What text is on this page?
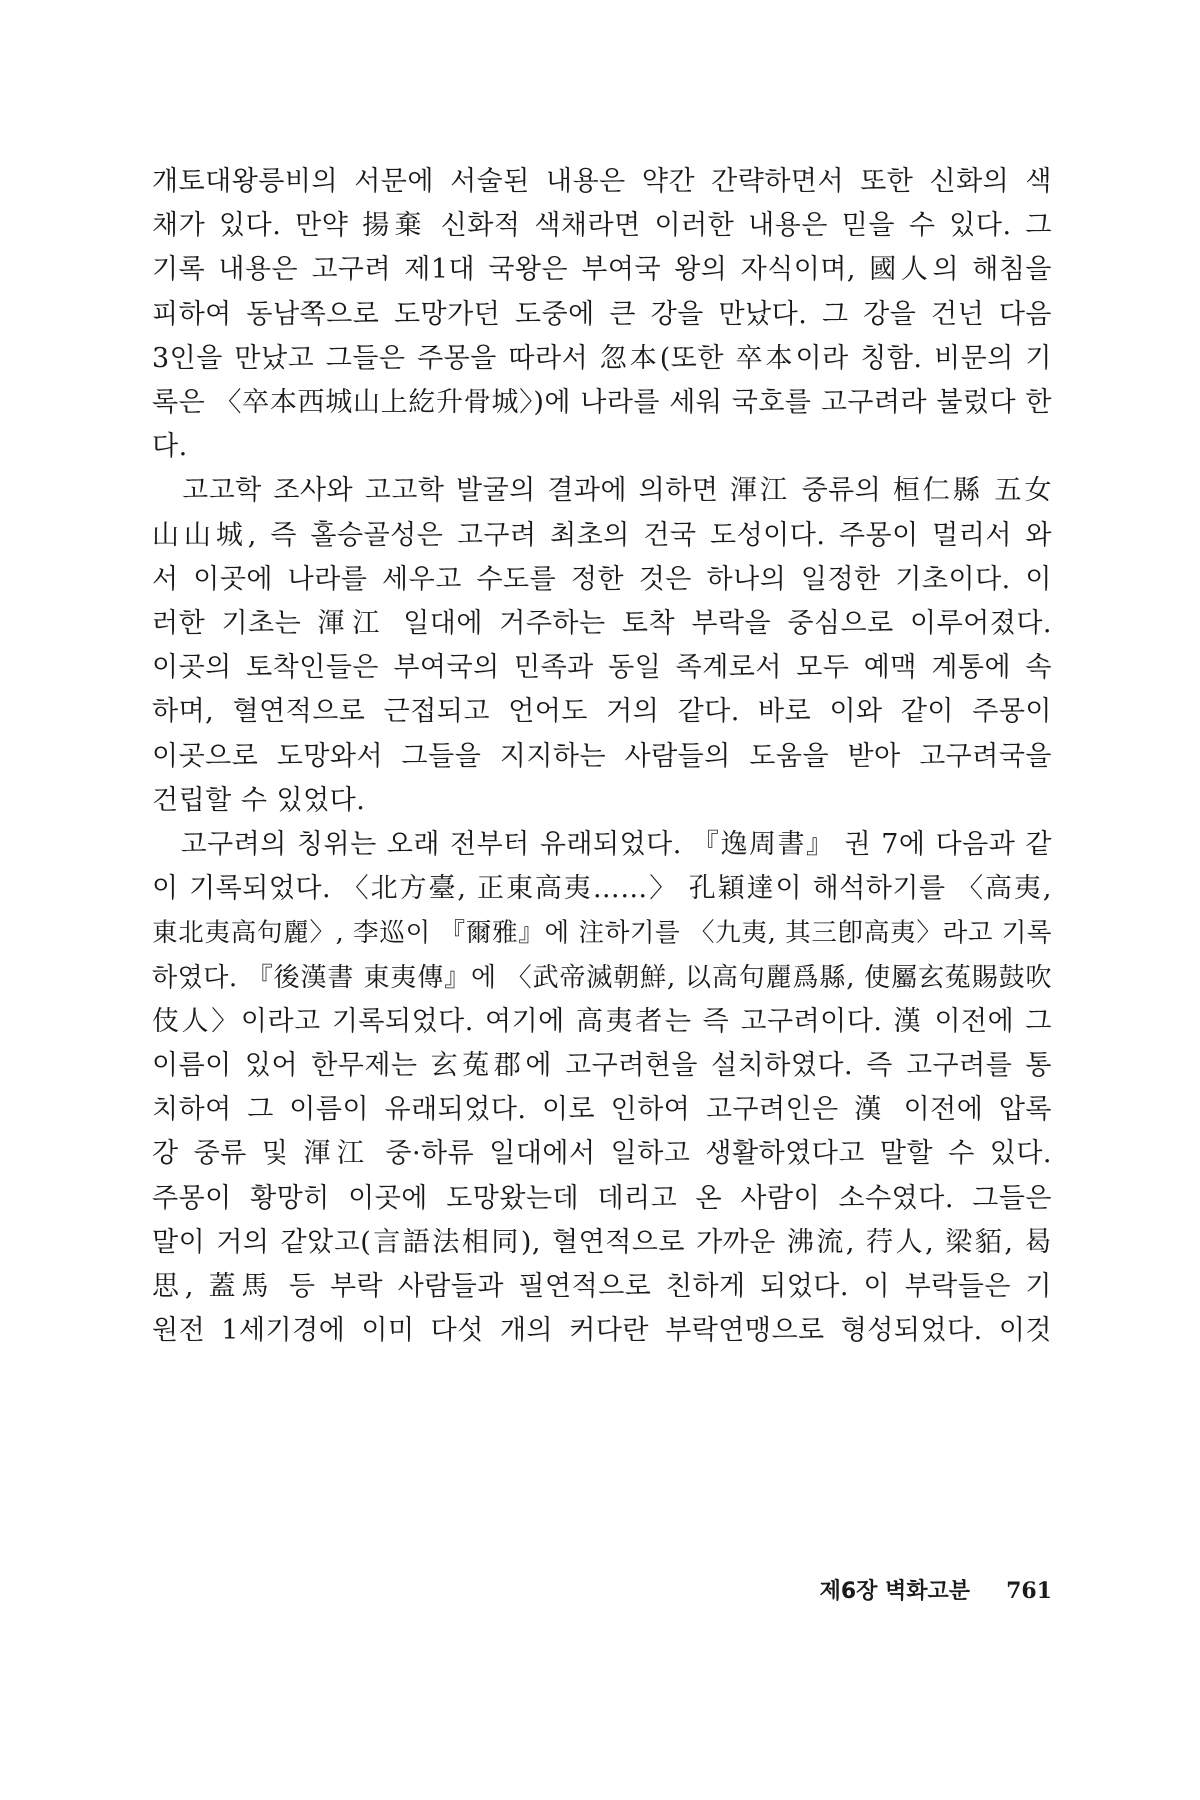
개토대왕릉비의 서문에 서술된 내용은 약간 간략하면서 또한 신화의 색
채가 있다. 만약 揚棄 신화적 색채라면 이러한 내용은 믿을 수 있다. 그
기록 내용은 고구려 제1대 국왕은 부여국 왕의 자식이며, 國人의 해침을
피하여 동남쪽으로 도망가던 도중에 큰 강을 만났다. 그 강을 건넌 다음
3인을 만났고 그들은 주몽을 따라서 忽本(또한 卒本이라 칭함. 비문의 기
록은 〈卒本西城山上紇升骨城〉)에 나라를 세워 국호를 고구려라 불렀다 한
다.
　고고학 조사와 고고학 발굴의 결과에 의하면 渾江 중류의 桓仁縣 五女
山山城, 즉 홀승골성은 고구려 최초의 건국 도성이다. 주몽이 멀리서 와
서 이곳에 나라를 세우고 수도를 정한 것은 하나의 일정한 기초이다. 이
러한 기초는 渾江 일대에 거주하는 토착 부락을 중심으로 이루어졌다.
이곳의 토착인들은 부여국의 민족과 동일 족계로서 모두 예맥 계통에 속
하며, 혈연적으로 근접되고 언어도 거의 같다. 바로 이와 같이 주몽이
이곳으로 도망와서 그들을 지지하는 사람들의 도움을 받아 고구려국을
건립할 수 있었다.
　고구려의 칭위는 오래 전부터 유래되었다. 『逸周書』 권 7에 다음과 같
이 기록되었다. 〈北方臺, 正東高夷……〉 孔穎達이 해석하기를 〈高夷,
東北夷高句麗〉, 李巡이 『爾雅』에 注하기를 〈九夷, 其三卽高夷〉라고 기록
하였다. 『後漢書 東夷傳』에 〈武帝滅朝鮮, 以高句麗爲縣, 使屬玄菟賜鼓吹
伎人〉이라고 기록되었다. 여기에 高夷者는 즉 고구려이다. 漢 이전에 그
이름이 있어 한무제는 玄菟郡에 고구려현을 설치하였다. 즉 고구려를 통
치하여 그 이름이 유래되었다. 이로 인하여 고구려인은 漢 이전에 압록
강 중류 및 渾江 중·하류 일대에서 일하고 생활하였다고 말할 수 있다.
주몽이 황망히 이곳에 도망왔는데 데리고 온 사람이 소수였다. 그들은
말이 거의 같았고(言語法相同), 혈연적으로 가까운 沸流, 荇人, 梁貊, 曷
思, 蓋馬 등 부락 사람들과 필연적으로 친하게 되었다. 이 부락들은 기
원전 1세기경에 이미 다섯 개의 커다란 부락연맹으로 형성되었다. 이것
제6장 벽화고분 761
